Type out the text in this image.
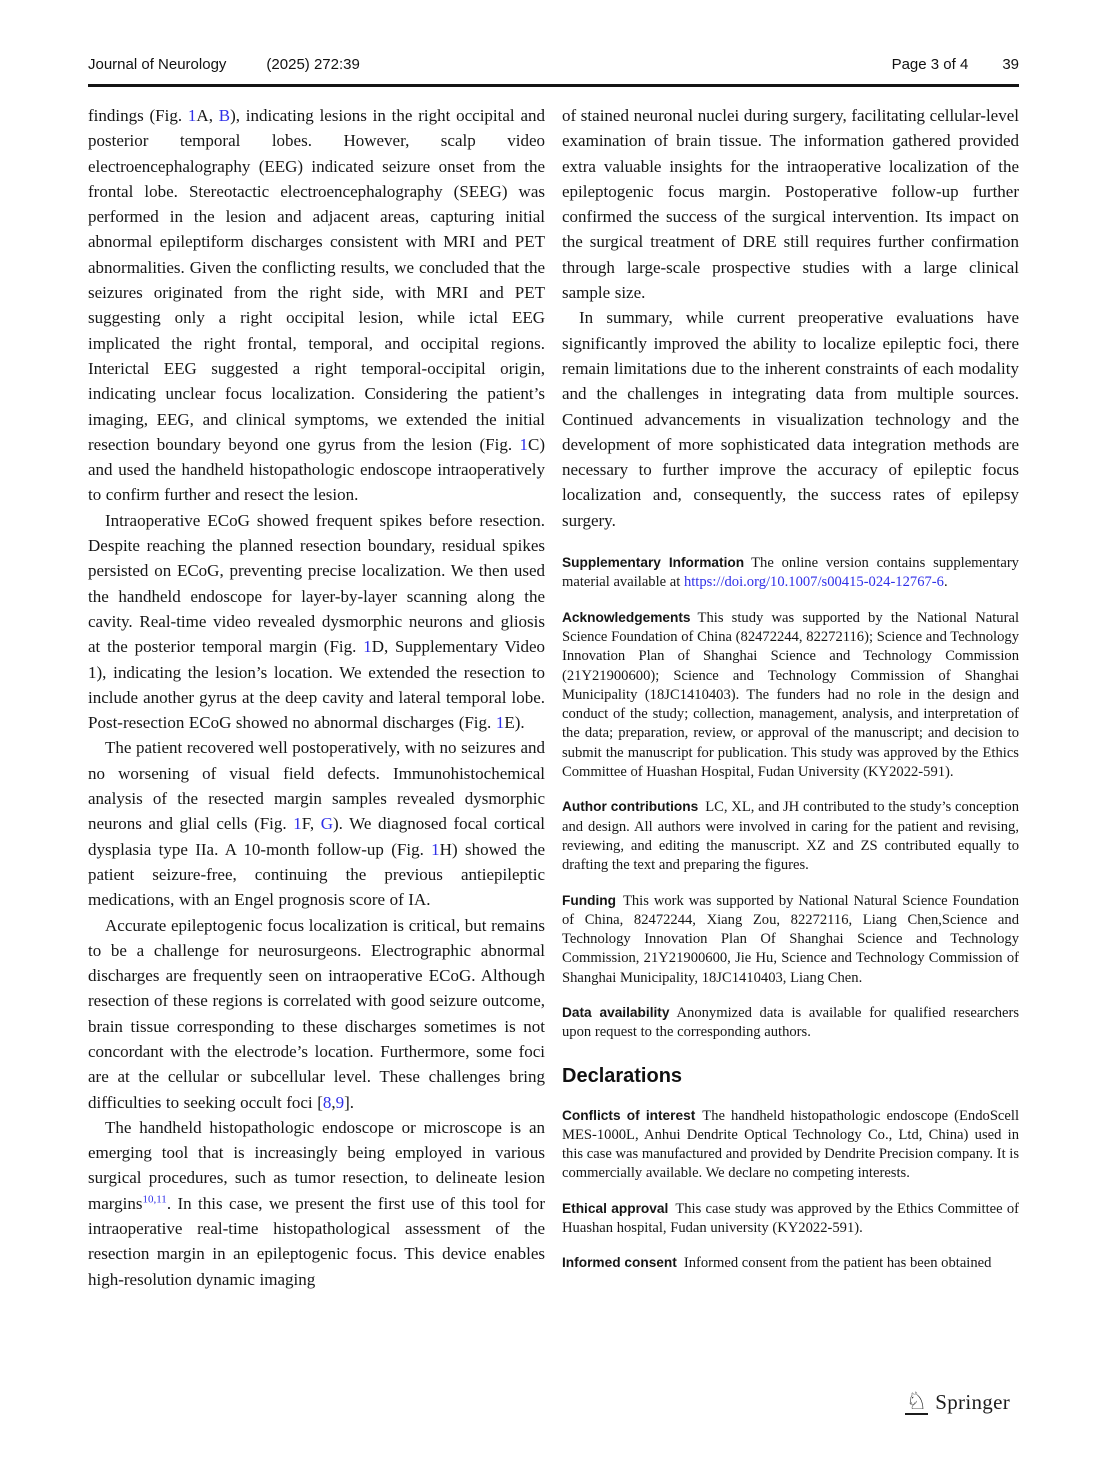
Journal of Neurology	(2025) 272:39	Page 3 of 4 39

findings (Fig. 1A, B), indicating lesions in the right occipital and posterior temporal lobes. However, scalp video electroencephalography (EEG) indicated seizure onset from the frontal lobe. Stereotactic electroencephalography (SEEG) was performed in the lesion and adjacent areas, capturing initial abnormal epileptiform discharges consistent with MRI and PET abnormalities. Given the conflicting results, we concluded that the seizures originated from the right side, with MRI and PET suggesting only a right occipital lesion, while ictal EEG implicated the right frontal, temporal, and occipital regions. Interictal EEG suggested a right temporal-occipital origin, indicating unclear focus localization. Considering the patient’s imaging, EEG, and clinical symptoms, we extended the initial resection boundary beyond one gyrus from the lesion (Fig. 1C) and used the handheld histopathologic endoscope intraoperatively to confirm further and resect the lesion.

Intraoperative ECoG showed frequent spikes before resection. Despite reaching the planned resection boundary, residual spikes persisted on ECoG, preventing precise localization. We then used the handheld endoscope for layer-by-layer scanning along the cavity. Real-time video revealed dysmorphic neurons and gliosis at the posterior temporal margin (Fig. 1D, Supplementary Video 1), indicating the lesion’s location. We extended the resection to include another gyrus at the deep cavity and lateral temporal lobe. Post-resection ECoG showed no abnormal discharges (Fig. 1E).

The patient recovered well postoperatively, with no seizures and no worsening of visual field defects. Immunohistochemical analysis of the resected margin samples revealed dysmorphic neurons and glial cells (Fig. 1F, G). We diagnosed focal cortical dysplasia type IIa. A 10-month follow-up (Fig. 1H) showed the patient seizure-free, continuing the previous antiepileptic medications, with an Engel prognosis score of IA.

Accurate epileptogenic focus localization is critical, but remains to be a challenge for neurosurgeons. Electrographic abnormal discharges are frequently seen on intraoperative ECoG. Although resection of these regions is correlated with good seizure outcome, brain tissue corresponding to these discharges sometimes is not concordant with the electrode’s location. Furthermore, some foci are at the cellular or subcellular level. These challenges bring difficulties to seeking occult foci [8,9].

The handheld histopathologic endoscope or microscope is an emerging tool that is increasingly being employed in various surgical procedures, such as tumor resection, to delineate lesion margins$^{10,11}$. In this case, we present the first use of this tool for intraoperative real-time histopathological assessment of the resection margin in an epileptogenic focus. This device enables high-resolution dynamic imaging

of stained neuronal nuclei during surgery, facilitating cellular-level examination of brain tissue. The information gathered provided extra valuable insights for the intraoperative localization of the epileptogenic focus margin. Postoperative follow-up further confirmed the success of the surgical intervention. Its impact on the surgical treatment of DRE still requires further confirmation through large-scale prospective studies with a large clinical sample size.

In summary, while current preoperative evaluations have significantly improved the ability to localize epileptic foci, there remain limitations due to the inherent constraints of each modality and the challenges in integrating data from multiple sources. Continued advancements in visualization technology and the development of more sophisticated data integration methods are necessary to further improve the accuracy of epileptic focus localization and, consequently, the success rates of epilepsy surgery.

Supplementary Information The online version contains supplementary material available at https://doi.org/10.1007/s00415-024-12767-6.

Acknowledgements This study was supported by the National Natural Science Foundation of China (82472244, 82272116); Science and Technology Innovation Plan of Shanghai Science and Technology Commission (21Y21900600); Science and Technology Commission of Shanghai Municipality (18JC1410403). The funders had no role in the design and conduct of the study; collection, management, analysis, and interpretation of the data; preparation, review, or approval of the manuscript; and decision to submit the manuscript for publication. This study was approved by the Ethics Committee of Huashan Hospital, Fudan University (KY2022-591).

Author contributions LC, XL, and JH contributed to the study’s conception and design. All authors were involved in caring for the patient and revising, reviewing, and editing the manuscript. XZ and ZS contributed equally to drafting the text and preparing the figures.

Funding This work was supported by National Natural Science Foundation of China, 82472244, Xiang Zou, 82272116, Liang Chen,Science and Technology Innovation Plan Of Shanghai Science and Technology Commission, 21Y21900600, Jie Hu, Science and Technology Commission of Shanghai Municipality, 18JC1410403, Liang Chen.

Data availability Anonymized data is available for qualified researchers upon request to the corresponding authors.

Declarations

Conflicts of interest The handheld histopathologic endoscope (EndoScell MES-1000L, Anhui Dendrite Optical Technology Co., Ltd, China) used in this case was manufactured and provided by Dendrite Precision company. It is commercially available. We declare no competing interests.

Ethical approval This case study was approved by the Ethics Committee of Huashan hospital, Fudan university (KY2022-591).

Informed consent Informed consent from the patient has been obtained

♘ Springer
